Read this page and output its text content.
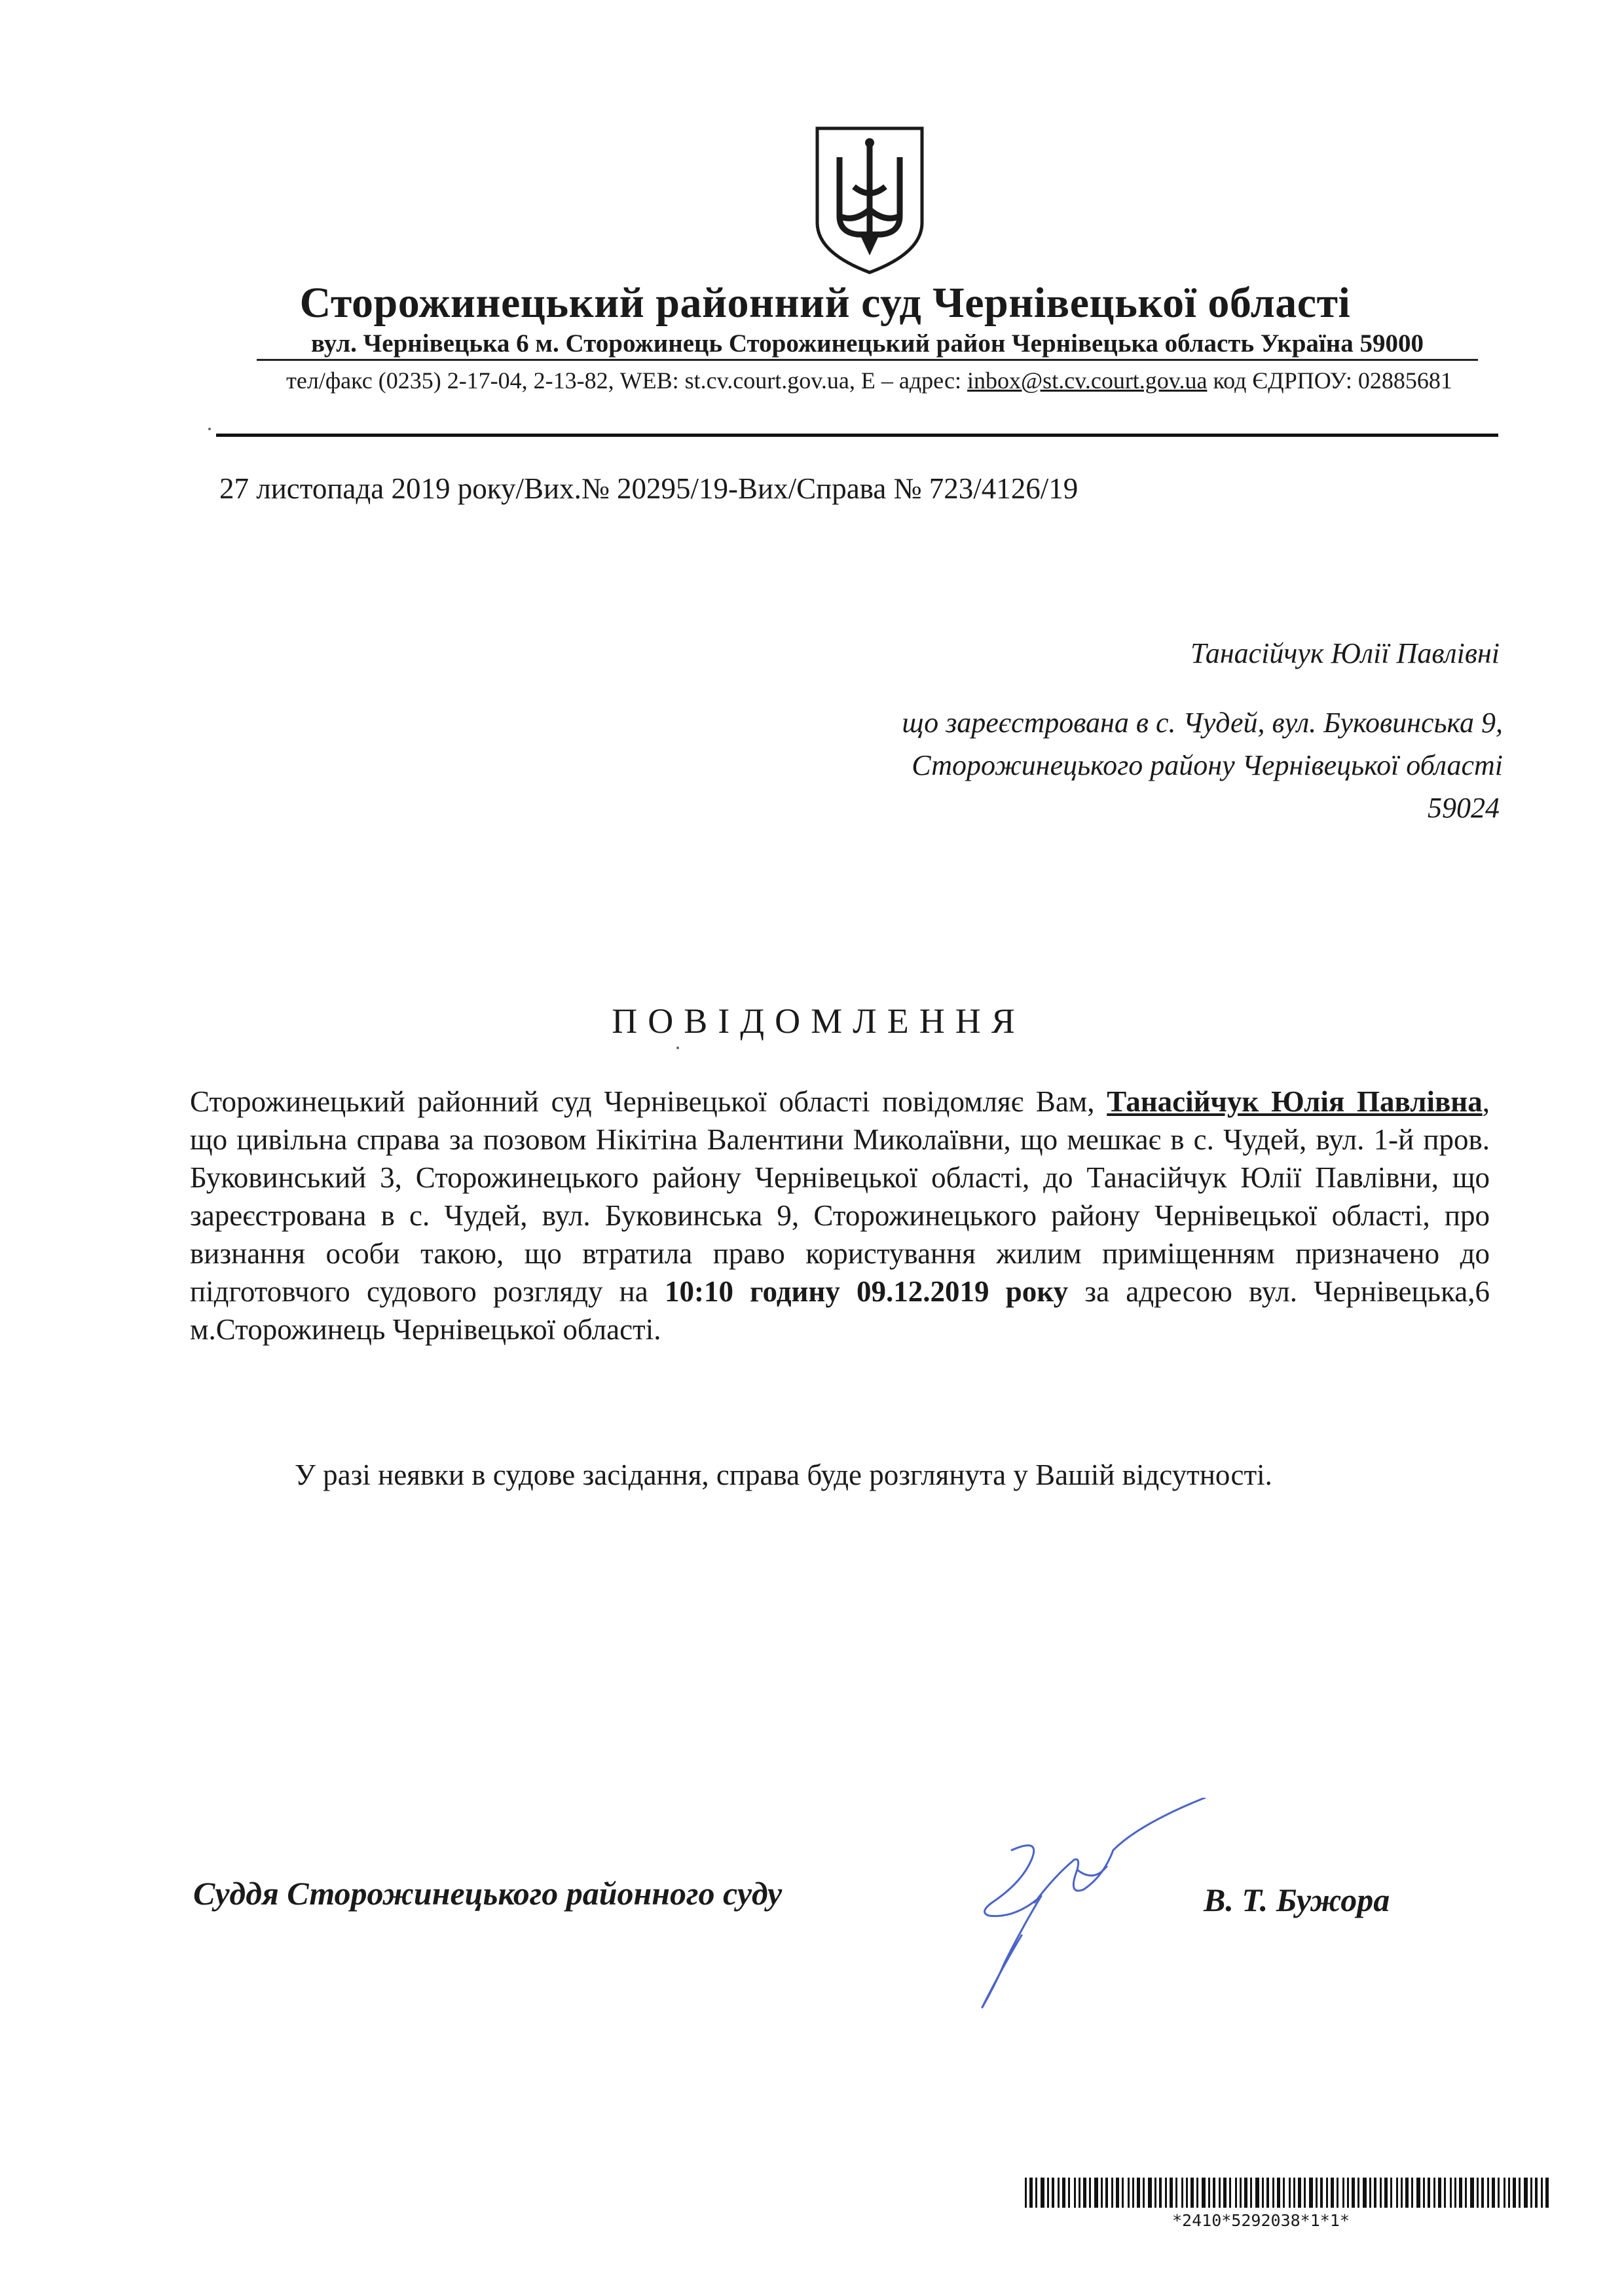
Сторожинецький районний суд Чернівецької області
вул. Чернівецька 6 м. Сторожинець Сторожинецький район Чернівецька область Україна 59000
тел/факс (0235) 2-17-04, 2-13-82, WEB: st.cv.court.gov.ua, E – адрес: inbox@st.cv.court.gov.ua код ЄДРПОУ: 02885681
27 листопада 2019 року/Вих.№ 20295/19-Вих/Справа № 723/4126/19
Танасійчук Юлії Павлівні
що зареєстрована в с. Чудей, вул. Буковинська 9,
Сторожинецького району Чернівецької області
59024
ПОВІДОМЛЕННЯ
Сторожинецький районний суд Чернівецької області повідомляє Вам, Танасійчук Юлія Павлівна, що цивільна справа за позовом Нікітіна Валентини Миколаївни, що мешкає в с. Чудей, вул. 1-й пров. Буковинський 3, Сторожинецького району Чернівецької області, до Танасійчук Юлії Павлівни, що зареєстрована в с. Чудей, вул. Буковинська 9, Сторожинецького району Чернівецької області, про визнання особи такою, що втратила право користування жилим приміщенням призначено до підготовчого судового розгляду на 10:10 годину 09.12.2019 року за адресою вул. Чернівецька,6 м.Сторожинець Чернівецької області.
У разі неявки в судове засідання, справа буде розглянута у Вашій відсутності.
Суддя Сторожинецького районного суду	В. Т. Бужора
*2410*5292038*1*1*
